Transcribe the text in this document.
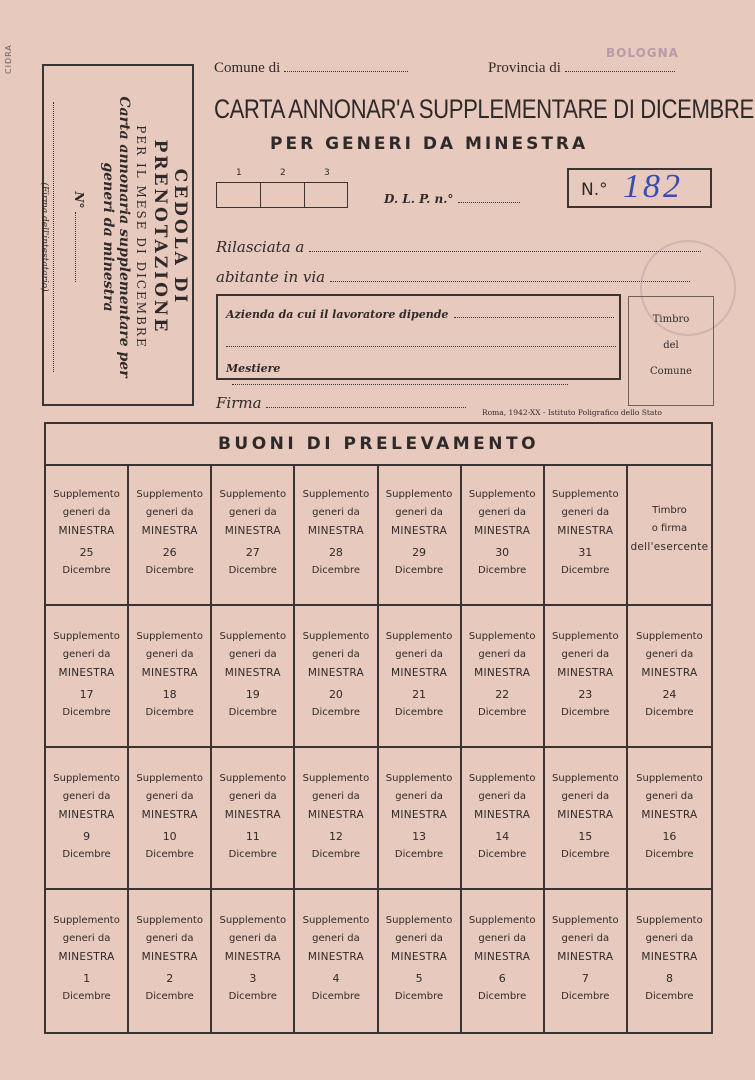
CIDRA
CEDOLA DI PRENOTAZIONE
PER IL MESE DI DICEMBRE
Carta annonaria supplementare per generi da minestra
N°
(Firma dell'intestatario)
Comune di	Provincia di
BOLOGNA
CARTA ANNONAR'A SUPPLEMENTARE DI DICEMBRE
PER GENERI DA MINESTRA
1	2	3
D. L. P. n.°	N.° 182
Rilasciata a
abitante in via
Azienda da cui il lavoratore dipende
Mestiere
Timbro
del
Comune
Firma
Roma, 1942-XX - Istituto Poligrafico dello Stato
BUONI DI PRELEVAMENTO
Supplemento
generi da
MINESTRA
25
Dicembre
Supplemento
generi da
MINESTRA
26
Dicembre
Supplemento
generi da
MINESTRA
27
Dicembre
Supplemento
generi da
MINESTRA
28
Dicembre
Supplemento
generi da
MINESTRA
29
Dicembre
Supplemento
generi da
MINESTRA
30
Dicembre
Supplemento
generi da
MINESTRA
31
Dicembre
Timbro
o firma
dell'esercente
Supplemento
generi da
MINESTRA
17
Dicembre
Supplemento
generi da
MINESTRA
18
Dicembre
Supplemento
generi da
MINESTRA
19
Dicembre
Supplemento
generi da
MINESTRA
20
Dicembre
Supplemento
generi da
MINESTRA
21
Dicembre
Supplemento
generi da
MINESTRA
22
Dicembre
Supplemento
generi da
MINESTRA
23
Dicembre
Supplemento
generi da
MINESTRA
24
Dicembre
Supplemento
generi da
MINESTRA
9
Dicembre
Supplemento
generi da
MINESTRA
10
Dicembre
Supplemento
generi da
MINESTRA
11
Dicembre
Supplemento
generi da
MINESTRA
12
Dicembre
Supplemento
generi da
MINESTRA
13
Dicembre
Supplemento
generi da
MINESTRA
14
Dicembre
Supplemento
generi da
MINESTRA
15
Dicembre
Supplemento
generi da
MINESTRA
16
Dicembre
Supplemento
generi da
MINESTRA
1
Dicembre
Supplemento
generi da
MINESTRA
2
Dicembre
Supplemento
generi da
MINESTRA
3
Dicembre
Supplemento
generi da
MINESTRA
4
Dicembre
Supplemento
generi da
MINESTRA
5
Dicembre
Supplemento
generi da
MINESTRA
6
Dicembre
Supplemento
generi da
MINESTRA
7
Dicembre
Supplemento
generi da
MINESTRA
8
Dicembre
